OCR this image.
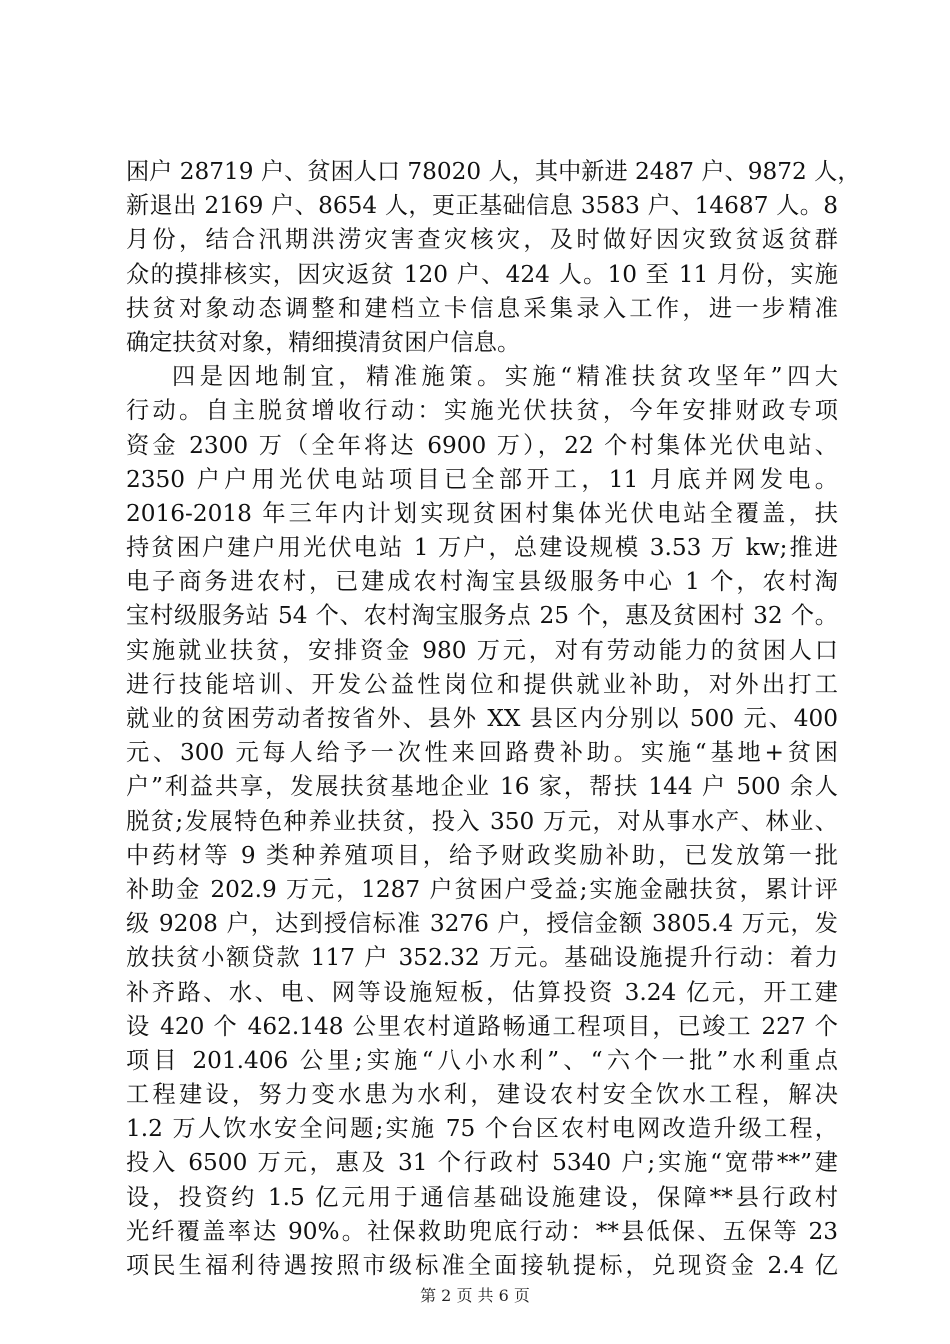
困户 28719 户、贫困人口 78020 人，其中新进 2487 户、9872 人，
新退出 2169 户、8654 人，更正基础信息 3583 户、14687 人。8
月份，结合汛期洪涝灾害查灾核灾，及时做好因灾致贫返贫群
众的摸排核实，因灾返贫 120 户、424 人。10 至 11 月份，实施
扶贫对象动态调整和建档立卡信息采集录入工作，进一步精准
确定扶贫对象，精细摸清贫困户信息。
四是因地制宜，精准施策。实施“精准扶贫攻坚年”四大
行动。自主脱贫增收行动：实施光伏扶贫，今年安排财政专项
资金 2300 万（全年将达 6900 万），22 个村集体光伏电站、
2350 户户用光伏电站项目已全部开工，11 月底并网发电。
2016-2018 年三年内计划实现贫困村集体光伏电站全覆盖，扶
持贫困户建户用光伏电站 1 万户，总建设规模 3.53 万 kw;推进
电子商务进农村，已建成农村淘宝县级服务中心 1 个，农村淘
宝村级服务站 54 个、农村淘宝服务点 25 个，惠及贫困村 32 个。
实施就业扶贫，安排资金 980 万元，对有劳动能力的贫困人口
进行技能培训、开发公益性岗位和提供就业补助，对外出打工
就业的贫困劳动者按省外、县外 XX 县区内分别以 500 元、400
元、300 元每人给予一次性来回路费补助。实施“基地+贫困
户”利益共享，发展扶贫基地企业 16 家，帮扶 144 户 500 余人
脱贫;发展特色种养业扶贫，投入 350 万元，对从事水产、林业、
中药材等 9 类种养殖项目，给予财政奖励补助，已发放第一批
补助金 202.9 万元，1287 户贫困户受益;实施金融扶贫，累计评
级 9208 户，达到授信标准 3276 户，授信金额 3805.4 万元，发
放扶贫小额贷款 117 户 352.32 万元。基础设施提升行动：着力
补齐路、水、电、网等设施短板，估算投资 3.24 亿元，开工建
设 420 个 462.148 公里农村道路畅通工程项目，已竣工 227 个
项目 201.406 公里;实施“八小水利”、“六个一批”水利重点
工程建设，努力变水患为水利，建设农村安全饮水工程，解决
1.2 万人饮水安全问题;实施 75 个台区农村电网改造升级工程，
投入 6500 万元，惠及 31 个行政村 5340 户;实施“宽带**”建
设，投资约 1.5 亿元用于通信基础设施建设，保障**县行政村
光纤覆盖率达 90%。社保救助兜底行动：**县低保、五保等 23
项民生福利待遇按照市级标准全面接轨提标，兑现资金 2.4 亿
第 2 页 共 6 页
